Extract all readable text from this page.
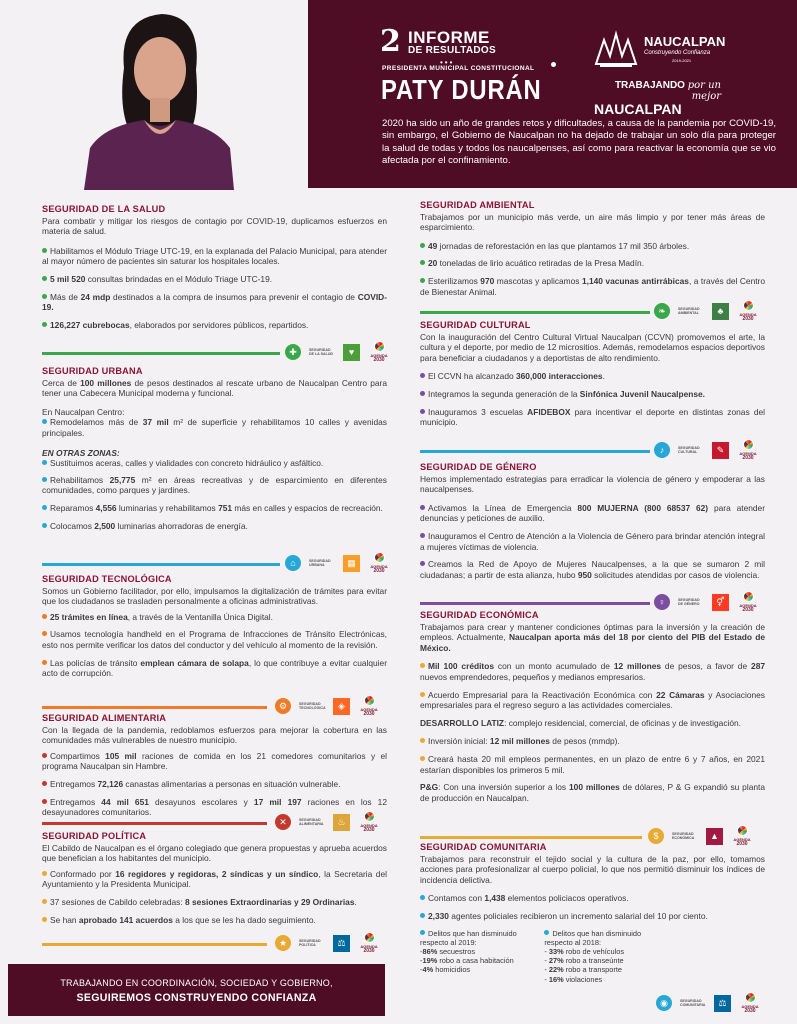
2 INFORME
DE RESULTADOS
•••
PRESIDENTA MUNICIPAL CONSTITUCIONAL
PATY DURÁN
NAUCALPAN
Construyendo Confianza
2019-2021
TRABAJANDO por un mejor
NAUCALPAN
2020 ha sido un año de grandes retos y dificultades, a causa de la pandemia por COVID-19, sin embargo, el Gobierno de Naucalpan no ha dejado de trabajar un solo día para proteger la salud de todas y todos los naucalpenses, así como para reactivar la economía que se vio afectada por el confinamiento.
SEGURIDAD DE LA SALUD
Para combatir y mitigar los riesgos de contagio por COVID-19, duplicamos esfuerzos en materia de salud.
Habilitamos el Módulo Triage UTC-19, en la explanada del Palacio Municipal, para atender al mayor número de pacientes sin saturar los hospitales locales.
5 mil 520 consultas brindadas en el Módulo Triage UTC-19.
Más de 24 mdp destinados a la compra de insumos para prevenir el contagio de COVID-19.
126,227 cubrebocas, elaborados por servidores públicos, repartidos.
✚	SEGURIDAD DE LA SALUD	♥	AGENDA
2030
SEGURIDAD URBANA
Cerca de 100 millones de pesos destinados al rescate urbano de Naucalpan Centro para tener una Cabecera Municipal moderna y funcional.
En Naucalpan Centro:
Remodelamos más de 37 mil m² de superficie y rehabilitamos 10 calles y avenidas principales.
EN OTRAS ZONAS:
Sustituimos aceras, calles y vialidades con concreto hidráulico y asfáltico.
Rehabilitamos 25,775 m² en áreas recreativas y de esparcimiento en diferentes comunidades, como parques y jardines.
Reparamos 4,556 luminarias y rehabilitamos 751 más en calles y espacios de recreación.
Colocamos 2,500 luminarias ahorradoras de energía.
⌂	SEGURIDAD URBANA	▦	AGENDA
2030
SEGURIDAD TECNOLÓGICA
Somos un Gobierno facilitador, por ello, impulsamos la digitalización de trámites para evitar que los ciudadanos se trasladen personalmente a oficinas administrativas.
25 trámites en línea, a través de la Ventanilla Única Digital.
Usamos tecnología handheld en el Programa de Infracciones de Tránsito Electrónicas, esto nos permite verificar los datos del conductor y del vehículo al momento de la revisión.
Las policías de tránsito emplean cámara de solapa, lo que contribuye a evitar cualquier acto de corrupción.
⚙	SEGURIDAD TECNOLÓGICA	◈	AGENDA
2030
SEGURIDAD ALIMENTARIA
Con la llegada de la pandemia, redoblamos esfuerzos para mejorar la cobertura en las comunidades más vulnerables de nuestro municipio.
Compartimos 105 mil raciones de comida en los 21 comedores comunitarios y el programa Naucalpan sin Hambre.
Entregamos 72,126 canastas alimentarias a personas en situación vulnerable.
Entregamos 44 mil 651 desayunos escolares y 17 mil 197 raciones en los 12 desayunadores comunitarios.
✕	SEGURIDAD ALIMENTARIA	♨	AGENDA
2030
SEGURIDAD POLÍTICA
El Cabildo de Naucalpan es el órgano colegiado que genera propuestas y aprueba acuerdos que benefician a los habitantes del municipio.
Conformado por 16 regidores y regidoras, 2 síndicas y un síndico, la Secretaria del Ayuntamiento y la Presidenta Municipal.
37 sesiones de Cabildo celebradas: 8 sesiones Extraordinarias y 29 Ordinarias.
Se han aprobado 141 acuerdos a los que se les ha dado seguimiento.
★	SEGURIDAD POLÍTICA	⚖	AGENDA
2030
SEGURIDAD AMBIENTAL
Trabajamos por un municipio más verde, un aire más limpio y por tener más áreas de esparcimiento.
49 jornadas de reforestación en las que plantamos 17 mil 350 árboles.
20 toneladas de lirio acuático retiradas de la Presa Madín.
Esterilizamos 970 mascotas y aplicamos 1,140 vacunas antirrábicas, a través del Centro de Bienestar Animal.
❧	SEGURIDAD AMBIENTAL	♣	AGENDA
2030
SEGURIDAD CULTURAL
Con la inauguración del Centro Cultural Virtual Naucalpan (CCVN) promovemos el arte, la cultura y el deporte, por medio de 12 micrositios. Además, remodelamos espacios deportivos para beneficiar a ciudadanos y a deportistas de alto rendimiento.
El CCVN ha alcanzado 360,000 interacciones.
Integramos la segunda generación de la Sinfónica Juvenil Naucalpense.
Inauguramos 3 escuelas AFIDEBOX para incentivar el deporte en distintas zonas del municipio.
♪	SEGURIDAD CULTURAL	✎	AGENDA
2030
SEGURIDAD DE GÉNERO
Hemos implementado estrategias para erradicar la violencia de género y empoderar a las naucalpenses.
Activamos la Línea de Emergencia 800 MUJERNA (800 68537 62) para atender denuncias y peticiones de auxilio.
Inauguramos el Centro de Atención a la Violencia de Género para brindar atención integral a mujeres víctimas de violencia.
Creamos la Red de Apoyo de Mujeres Naucalpenses, a la que se sumaron 2 mil ciudadanas; a partir de esta alianza, hubo 950 solicitudes atendidas por casos de violencia.
♀	SEGURIDAD DE GÉNERO	⚥	AGENDA
2030
SEGURIDAD ECONÓMICA
Trabajamos para crear y mantener condiciones óptimas para la inversión y la creación de empleos. Actualmente, Naucalpan aporta más del 18 por ciento del PIB del Estado de México.
Mil 100 créditos con un monto acumulado de 12 millones de pesos, a favor de 287 nuevos emprendedores, pequeños y medianos empresarios.
Acuerdo Empresarial para la Reactivación Económica con 22 Cámaras y Asociaciones empresariales para el regreso seguro a las actividades comerciales.
DESARROLLO LATIZ: complejo residencial, comercial, de oficinas y de investigación.
Inversión inicial: 12 mil millones de pesos (mmdp).
Creará hasta 20 mil empleos permanentes, en un plazo de entre 6 y 7 años, en 2021 estarían disponibles los primeros 5 mil.
P&G: Con una inversión superior a los 100 millones de dólares, P & G expandió su planta de producción en Naucalpan.
$	SEGURIDAD ECONÓMICA	▲	AGENDA
2030
SEGURIDAD COMUNITARIA
Trabajamos para reconstruir el tejido social y la cultura de la paz, por ello, tomamos acciones para profesionalizar al cuerpo policial, lo que nos permitió disminuir los índices de incidencia delictiva.
Contamos con 1,438 elementos policiacos operativos.
2,330 agentes policiales recibieron un incremento salarial del 10 por ciento.
Delitos que han disminuido respecto al 2019:
-86% secuestros
-19% robo a casa habitación
-4% homicidios

Delitos que han disminuido respecto al 2018:
- 33% robo de vehículos
- 27% robo a transeúnte
- 22% robo a transporte
- 16% violaciones
◉	SEGURIDAD COMUNITARIA	⚖	AGENDA
2030
TRABAJANDO EN COORDINACIÓN, SOCIEDAD Y GOBIERNO,
SEGUIREMOS CONSTRUYENDO CONFIANZA
